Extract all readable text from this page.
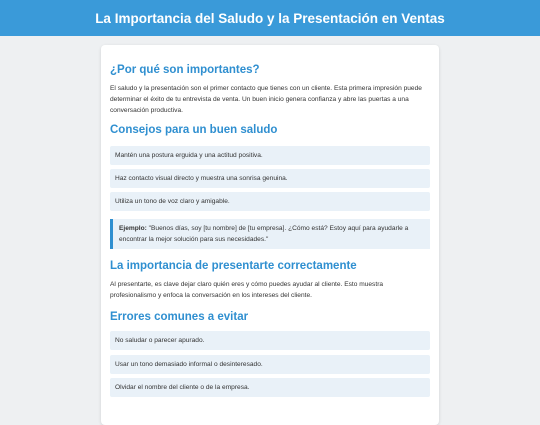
La Importancia del Saludo y la Presentación en Ventas
¿Por qué son importantes?

El saludo y la presentación son el primer contacto que tienes con un cliente. Esta primera impresión puede determinar el éxito de tu entrevista de venta. Un buen inicio genera confianza y abre las puertas a una conversación productiva.

Consejos para un buen saludo
Mantén una postura erguida y una actitud positiva.
Haz contacto visual directo y muestra una sonrisa genuina.
Utiliza un tono de voz claro y amigable.
Ejemplo: "Buenos días, soy [tu nombre] de [tu empresa]. ¿Cómo está? Estoy aquí para ayudarle a encontrar la mejor solución para sus necesidades."
La importancia de presentarte correctamente

Al presentarte, es clave dejar claro quién eres y cómo puedes ayudar al cliente. Esto muestra profesionalismo y enfoca la conversación en los intereses del cliente.

Errores comunes a evitar
No saludar o parecer apurado.
Usar un tono demasiado informal o desinteresado.
Olvidar el nombre del cliente o de la empresa.
